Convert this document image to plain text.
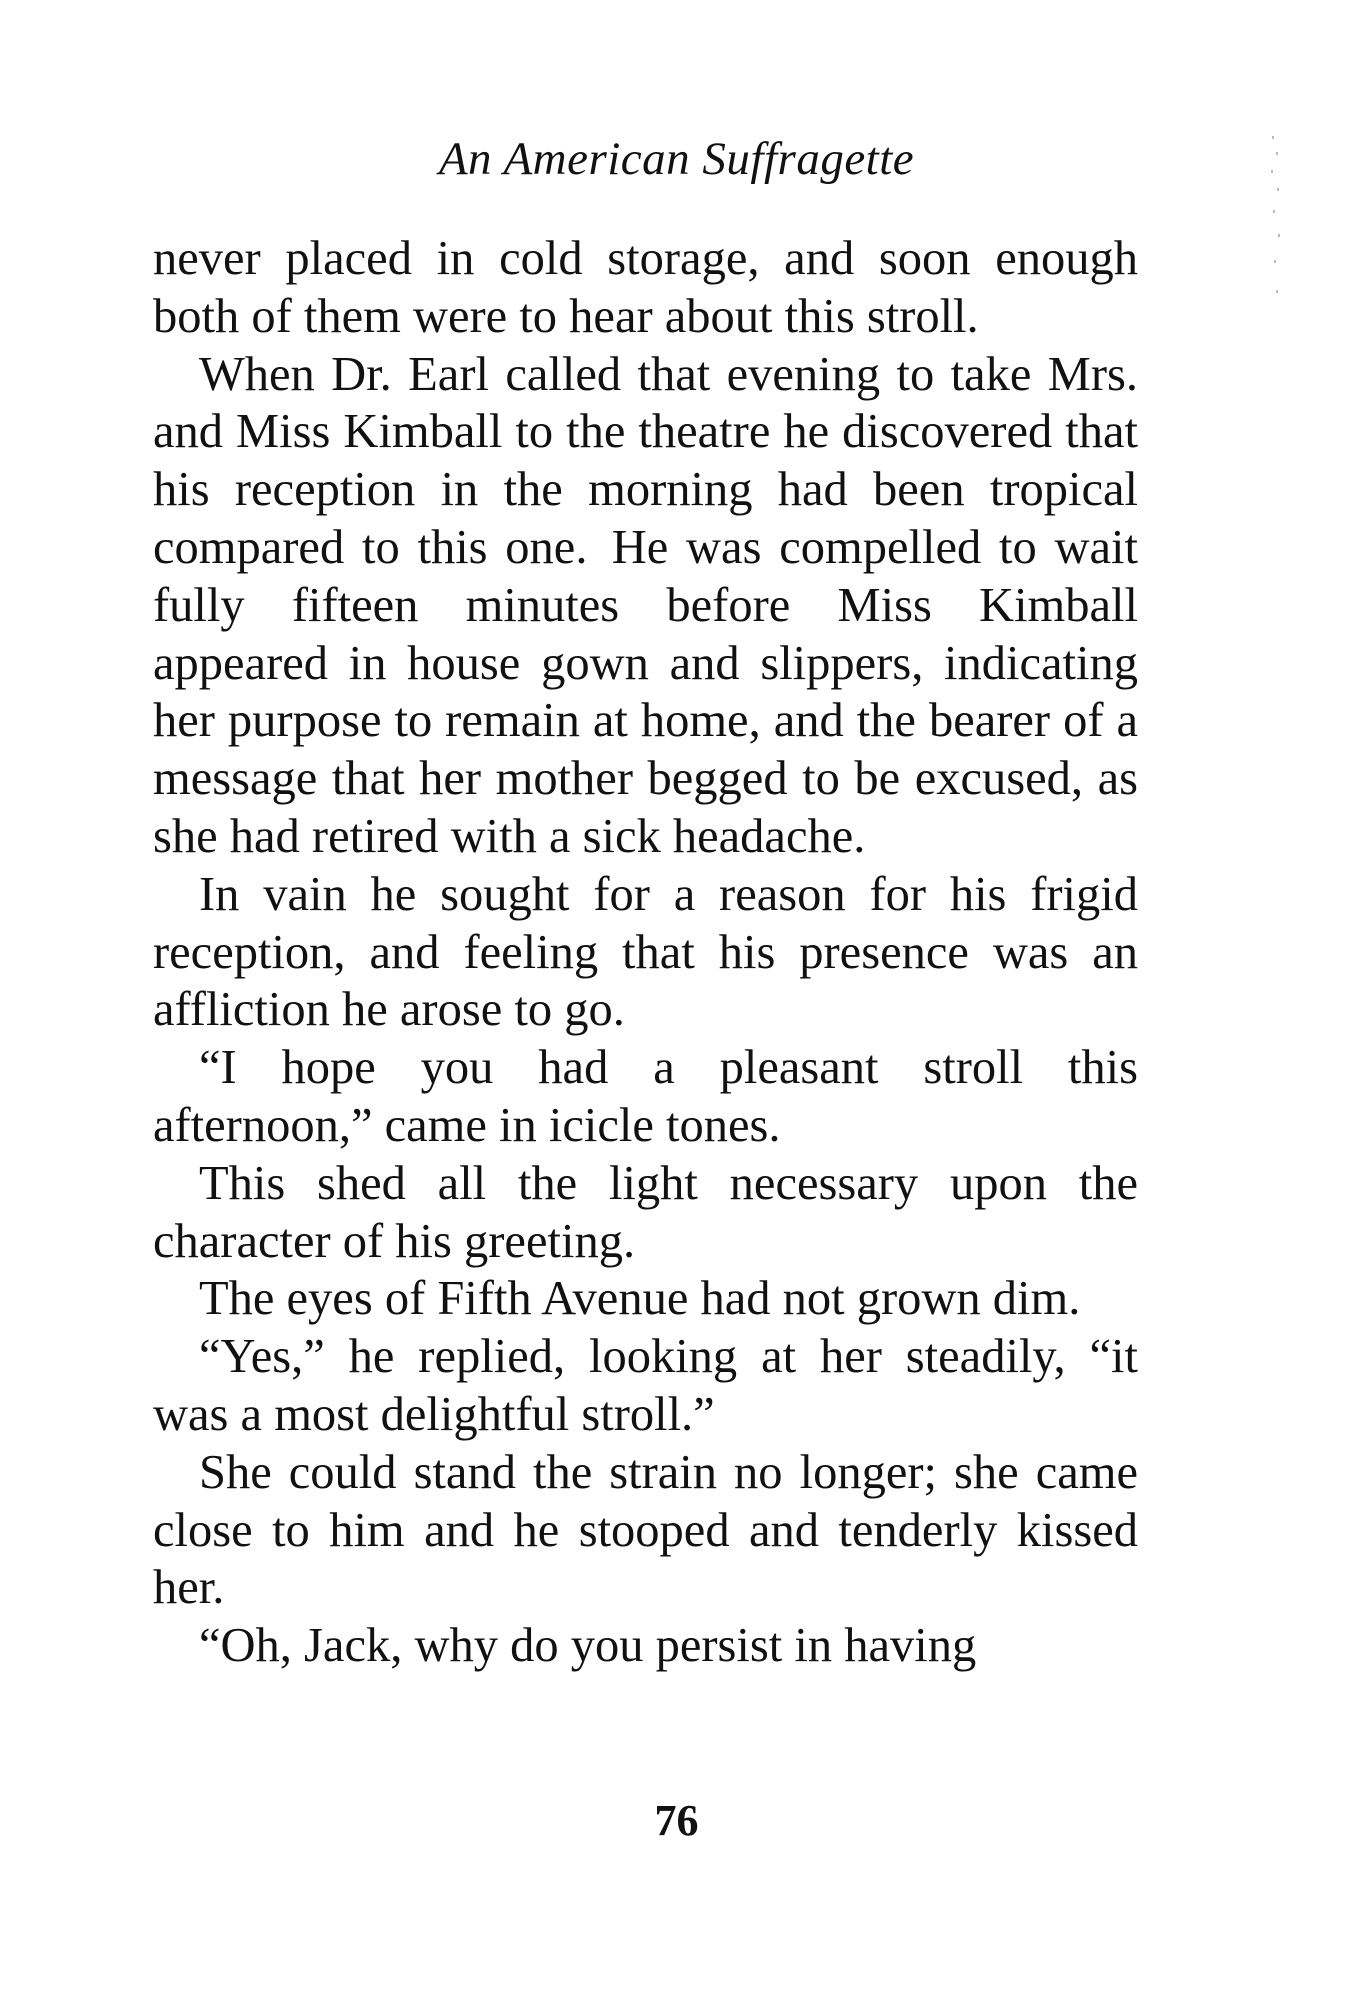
An American Suffragette

never placed in cold storage, and soon enough both of them were to hear about this stroll.

When Dr. Earl called that evening to take Mrs. and Miss Kimball to the theatre he discovered that his reception in the morning had been tropical compared to this one. He was compelled to wait fully fifteen minutes before Miss Kimball appeared in house gown and slippers, indicating her purpose to remain at home, and the bearer of a message that her mother begged to be excused, as she had retired with a sick headache.

In vain he sought for a reason for his frigid reception, and feeling that his presence was an affliction he arose to go.

“I hope you had a pleasant stroll this afternoon,” came in icicle tones.

This shed all the light necessary upon the character of his greeting.

The eyes of Fifth Avenue had not grown dim.

“Yes,” he replied, looking at her steadily, “it was a most delightful stroll.”

She could stand the strain no longer; she came close to him and he stooped and tenderly kissed her.

“Oh, Jack, why do you persist in having

76
